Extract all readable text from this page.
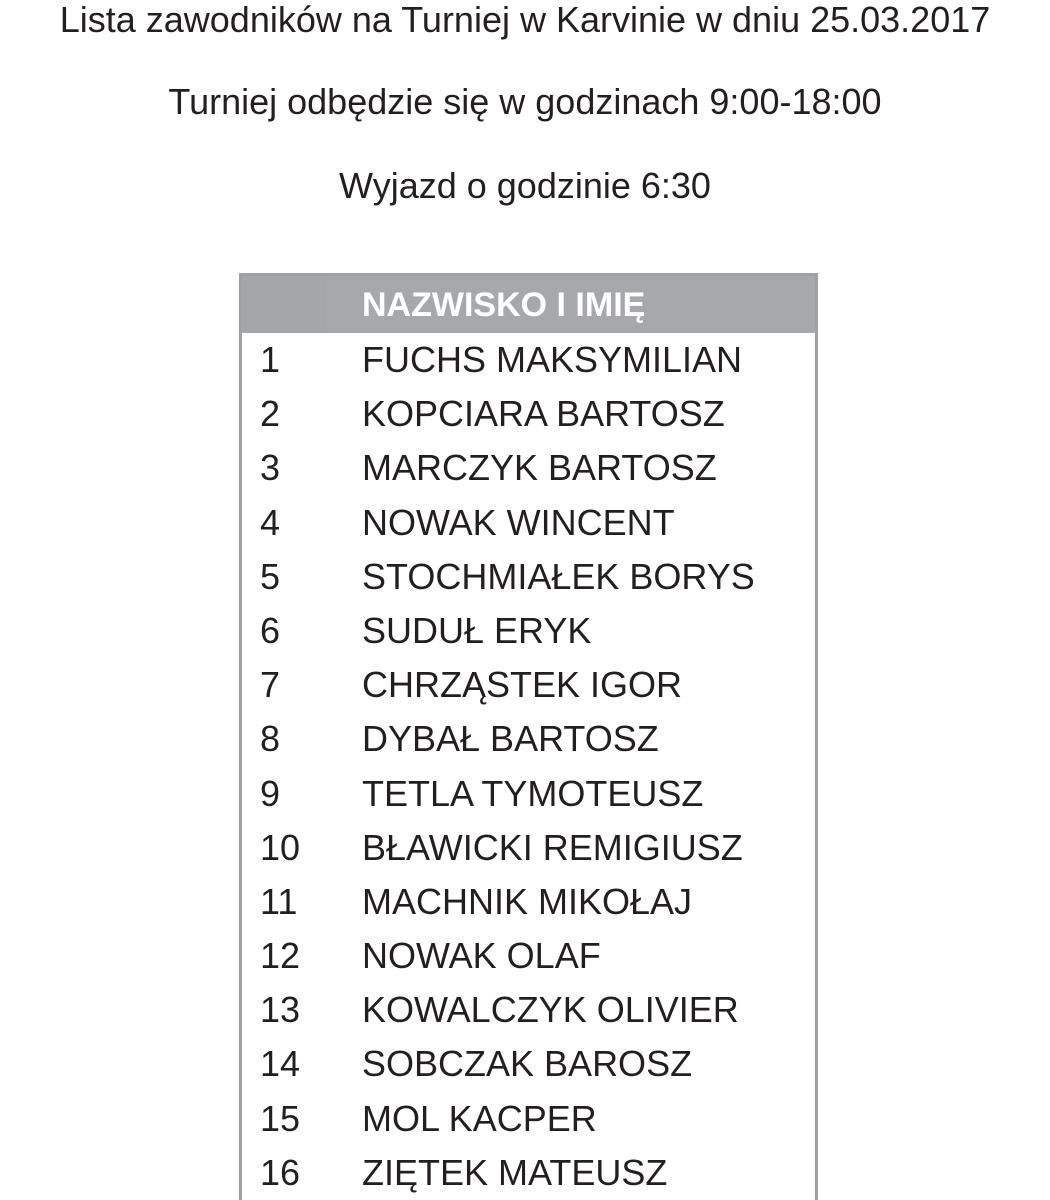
Lista zawodników na Turniej w Karvinie w dniu 25.03.2017
Turniej odbędzie się w godzinach 9:00-18:00
Wyjazd o godzinie 6:30
NAZWISKO I IMIĘ
1 FUCHS MAKSYMILIAN
2 KOPCIARA BARTOSZ
3 MARCZYK BARTOSZ
4 NOWAK WINCENT
5 STOCHMIAŁEK BORYS
6 SUDUŁ ERYK
7 CHRZĄSTEK IGOR
8 DYBAŁ BARTOSZ
9 TETLA TYMOTEUSZ
10 BŁAWICKI REMIGIUSZ
11 MACHNIK MIKOŁAJ
12 NOWAK OLAF
13 KOWALCZYK OLIVIER
14 SOBCZAK BAROSZ
15 MOL KACPER
16 ZIĘTEK MATEUSZ
